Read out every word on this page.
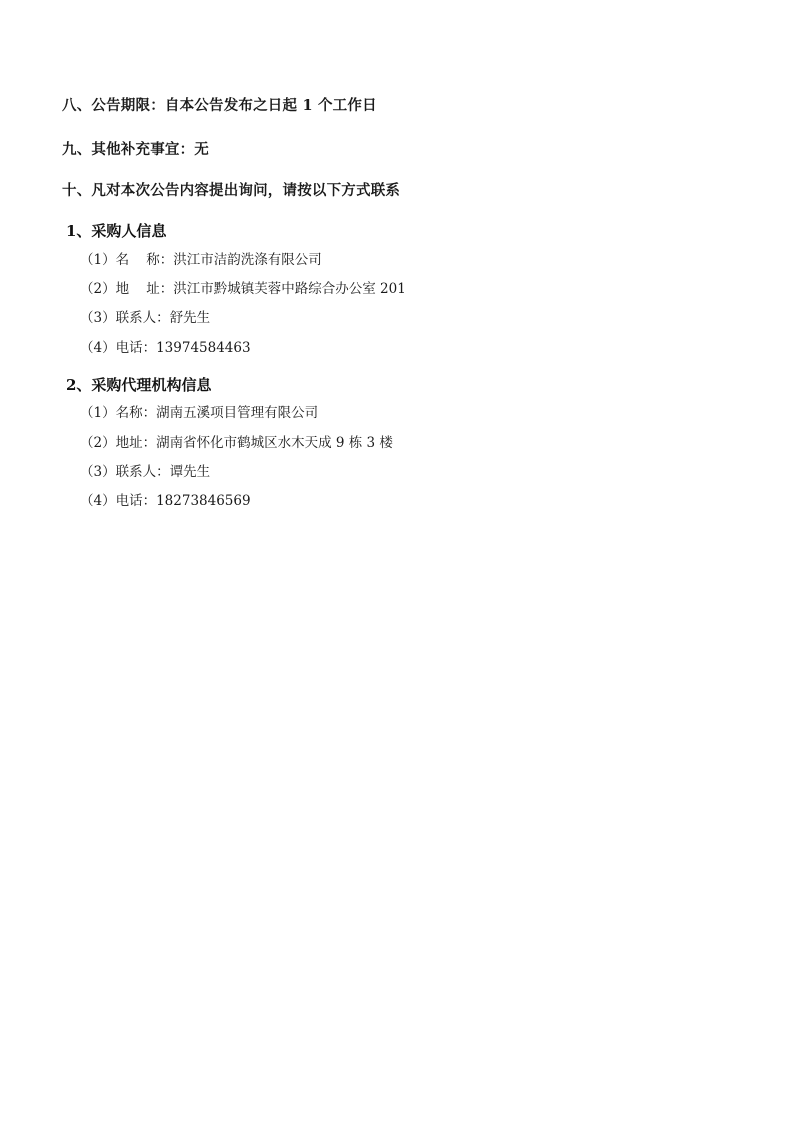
八、公告期限：自本公告发布之日起 1 个工作日

九、其他补充事宜：无

十、凡对本次公告内容提出询问，请按以下方式联系

1、采购人信息

（1）名    称：洪江市洁韵洗涤有限公司

（2）地    址：洪江市黔城镇芙蓉中路综合办公室 201

（3）联系人：舒先生

（4）电话：13974584463

2、采购代理机构信息

（1）名称：湖南五溪项目管理有限公司

（2）地址：湖南省怀化市鹤城区水木天成 9 栋 3 楼

（3）联系人：谭先生

（4）电话：18273846569
